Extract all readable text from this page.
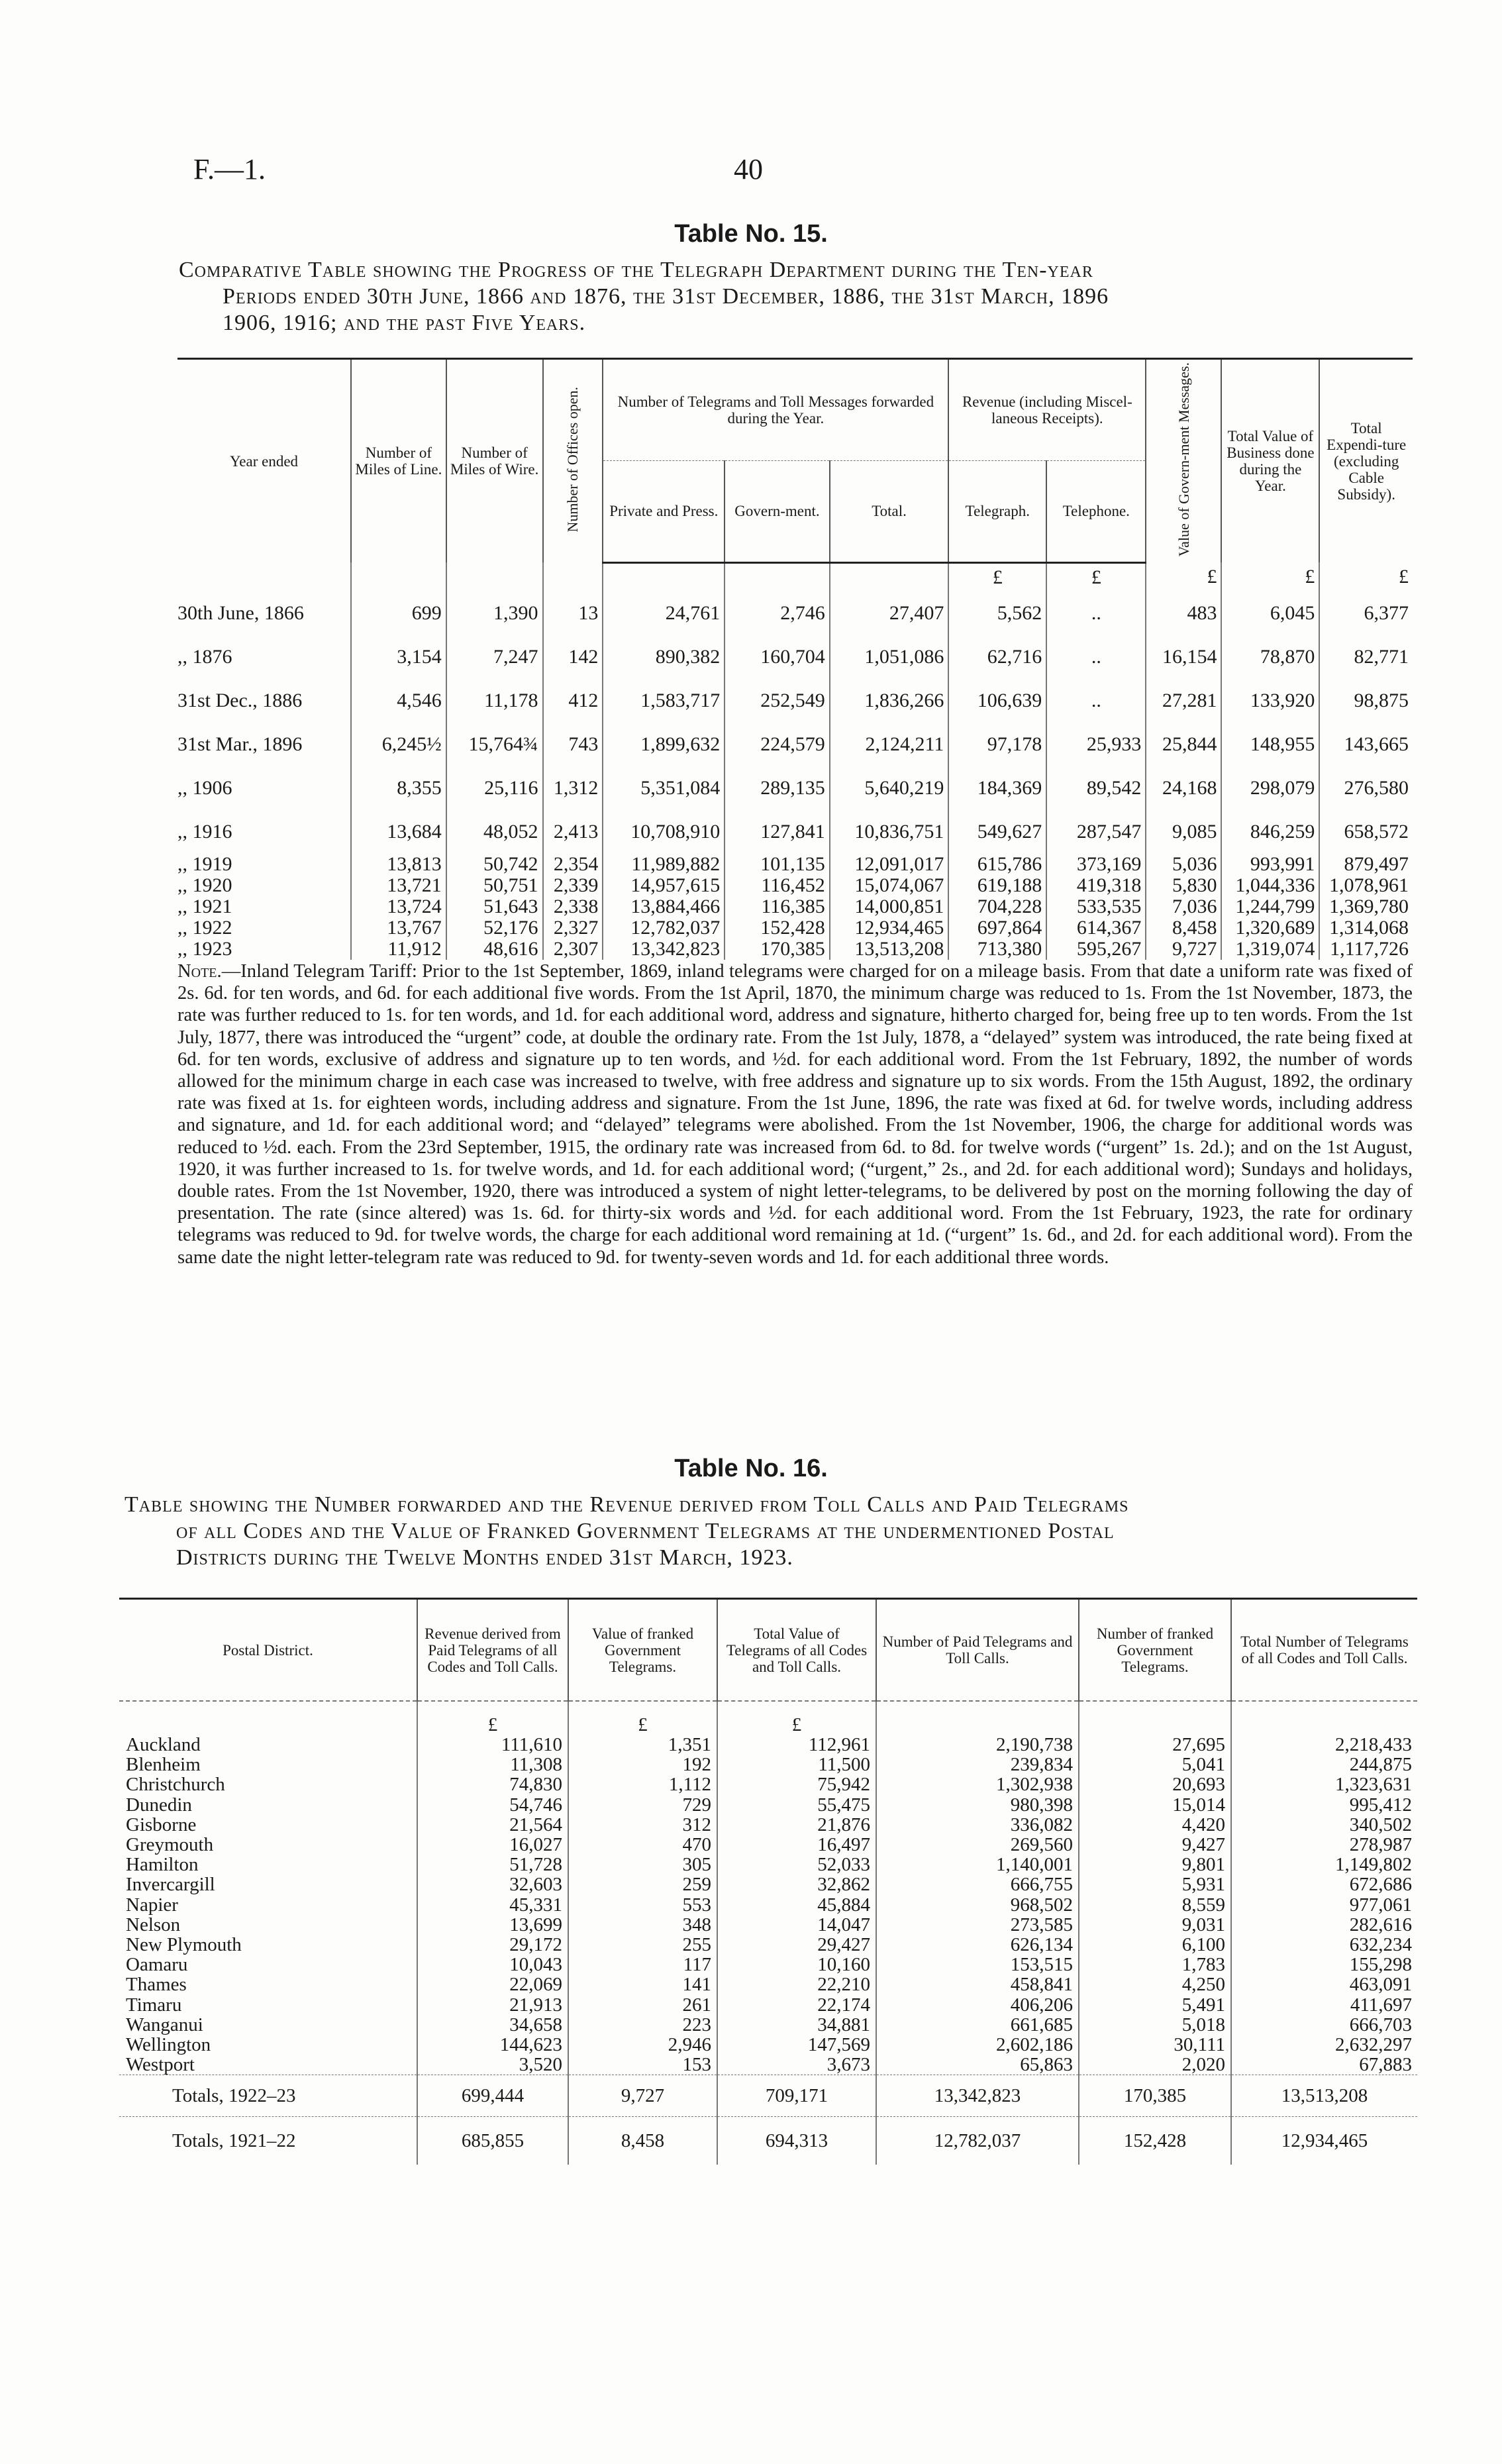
F.—1.	40
Table No. 15.
Comparative Table showing the Progress of the Telegraph Department during the Ten-year
Periods ended 30th June, 1866 and 1876, the 31st December, 1886, the 31st March, 1896
1906, 1916; and the past Five Years.
Year ended	Number of Miles of Line.	Number of Miles of Wire.	Number of Offices open.	Number of Telegrams and Toll Messages forwarded during the Year.			Revenue (including Miscel-laneous Receipts).		Value of Govern-ment Messages.	Total Value of Business done during the Year.	Total Expendi-ture (excluding Cable Subsidy).
				Private and Press.	Govern-ment.	Total.	Telegraph.	Telephone.			
							£	£	£	£	£
30th June, 1866	699	1,390	13	24,761	2,746	27,407	5,562	..	483	6,045	6,377
,, 1876	3,154	7,247	142	890,382	160,704	1,051,086	62,716	..	16,154	78,870	82,771
31st Dec., 1886	4,546	11,178	412	1,583,717	252,549	1,836,266	106,639	..	27,281	133,920	98,875
31st Mar., 1896	6,245½	15,764¾	743	1,899,632	224,579	2,124,211	97,178	25,933	25,844	148,955	143,665
,, 1906	8,355	25,116	1,312	5,351,084	289,135	5,640,219	184,369	89,542	24,168	298,079	276,580
,, 1916	13,684	48,052	2,413	10,708,910	127,841	10,836,751	549,627	287,547	9,085	846,259	658,572
,, 1919	13,813	50,742	2,354	11,989,882	101,135	12,091,017	615,786	373,169	5,036	993,991	879,497
,, 1920	13,721	50,751	2,339	14,957,615	116,452	15,074,067	619,188	419,318	5,830	1,044,336	1,078,961
,, 1921	13,724	51,643	2,338	13,884,466	116,385	14,000,851	704,228	533,535	7,036	1,244,799	1,369,780
,, 1922	13,767	52,176	2,327	12,782,037	152,428	12,934,465	697,864	614,367	8,458	1,320,689	1,314,068
,, 1923	11,912	48,616	2,307	13,342,823	170,385	13,513,208	713,380	595,267	9,727	1,319,074	1,117,726
Note.—Inland Telegram Tariff: Prior to the 1st September, 1869, inland telegrams were charged for on a mileage basis. From that date a uniform rate was fixed of 2s. 6d. for ten words, and 6d. for each additional five words. From the 1st April, 1870, the minimum charge was reduced to 1s. From the 1st November, 1873, the rate was further reduced to 1s. for ten words, and 1d. for each additional word, address and signature, hitherto charged for, being free up to ten words. From the 1st July, 1877, there was introduced the “urgent” code, at double the ordinary rate. From the 1st July, 1878, a “delayed” system was introduced, the rate being fixed at 6d. for ten words, exclusive of address and signature up to ten words, and ½d. for each additional word. From the 1st February, 1892, the number of words allowed for the minimum charge in each case was increased to twelve, with free address and signature up to six words. From the 15th August, 1892, the ordinary rate was fixed at 1s. for eighteen words, including address and signature. From the 1st June, 1896, the rate was fixed at 6d. for twelve words, including address and signature, and 1d. for each additional word; and “delayed” telegrams were abolished. From the 1st November, 1906, the charge for additional words was reduced to ½d. each. From the 23rd September, 1915, the ordinary rate was increased from 6d. to 8d. for twelve words (“urgent” 1s. 2d.); and on the 1st August, 1920, it was further increased to 1s. for twelve words, and 1d. for each additional word; (“urgent,” 2s., and 2d. for each additional word); Sundays and holidays, double rates. From the 1st November, 1920, there was introduced a system of night letter-telegrams, to be delivered by post on the morning following the day of presentation. The rate (since altered) was 1s. 6d. for thirty-six words and ½d. for each additional word. From the 1st February, 1923, the rate for ordinary telegrams was reduced to 9d. for twelve words, the charge for each additional word remaining at 1d. (“urgent” 1s. 6d., and 2d. for each additional word). From the same date the night letter-telegram rate was reduced to 9d. for twenty-seven words and 1d. for each additional three words.
Table No. 16.
Table showing the Number forwarded and the Revenue derived from Toll Calls and Paid Telegrams
of all Codes and the Value of Franked Government Telegrams at the undermentioned Postal
Districts during the Twelve Months ended 31st March, 1923.
Postal District.	Revenue derived from Paid Telegrams of all Codes and Toll Calls.	Value of franked Government Telegrams.	Total Value of Telegrams of all Codes and Toll Calls.	Number of Paid Telegrams and Toll Calls.	Number of franked Government Telegrams.	Total Number of Telegrams of all Codes and Toll Calls.
	£	£	£			
Auckland	111,610	1,351	112,961	2,190,738	27,695	2,218,433
Blenheim	11,308	192	11,500	239,834	5,041	244,875
Christchurch	74,830	1,112	75,942	1,302,938	20,693	1,323,631
Dunedin	54,746	729	55,475	980,398	15,014	995,412
Gisborne	21,564	312	21,876	336,082	4,420	340,502
Greymouth	16,027	470	16,497	269,560	9,427	278,987
Hamilton	51,728	305	52,033	1,140,001	9,801	1,149,802
Invercargill	32,603	259	32,862	666,755	5,931	672,686
Napier	45,331	553	45,884	968,502	8,559	977,061
Nelson	13,699	348	14,047	273,585	9,031	282,616
New Plymouth	29,172	255	29,427	626,134	6,100	632,234
Oamaru	10,043	117	10,160	153,515	1,783	155,298
Thames	22,069	141	22,210	458,841	4,250	463,091
Timaru	21,913	261	22,174	406,206	5,491	411,697
Wanganui	34,658	223	34,881	661,685	5,018	666,703
Wellington	144,623	2,946	147,569	2,602,186	30,111	2,632,297
Westport	3,520	153	3,673	65,863	2,020	67,883
Totals, 1922–23	699,444	9,727	709,171	13,342,823	170,385	13,513,208
Totals, 1921–22	685,855	8,458	694,313	12,782,037	152,428	12,934,465
